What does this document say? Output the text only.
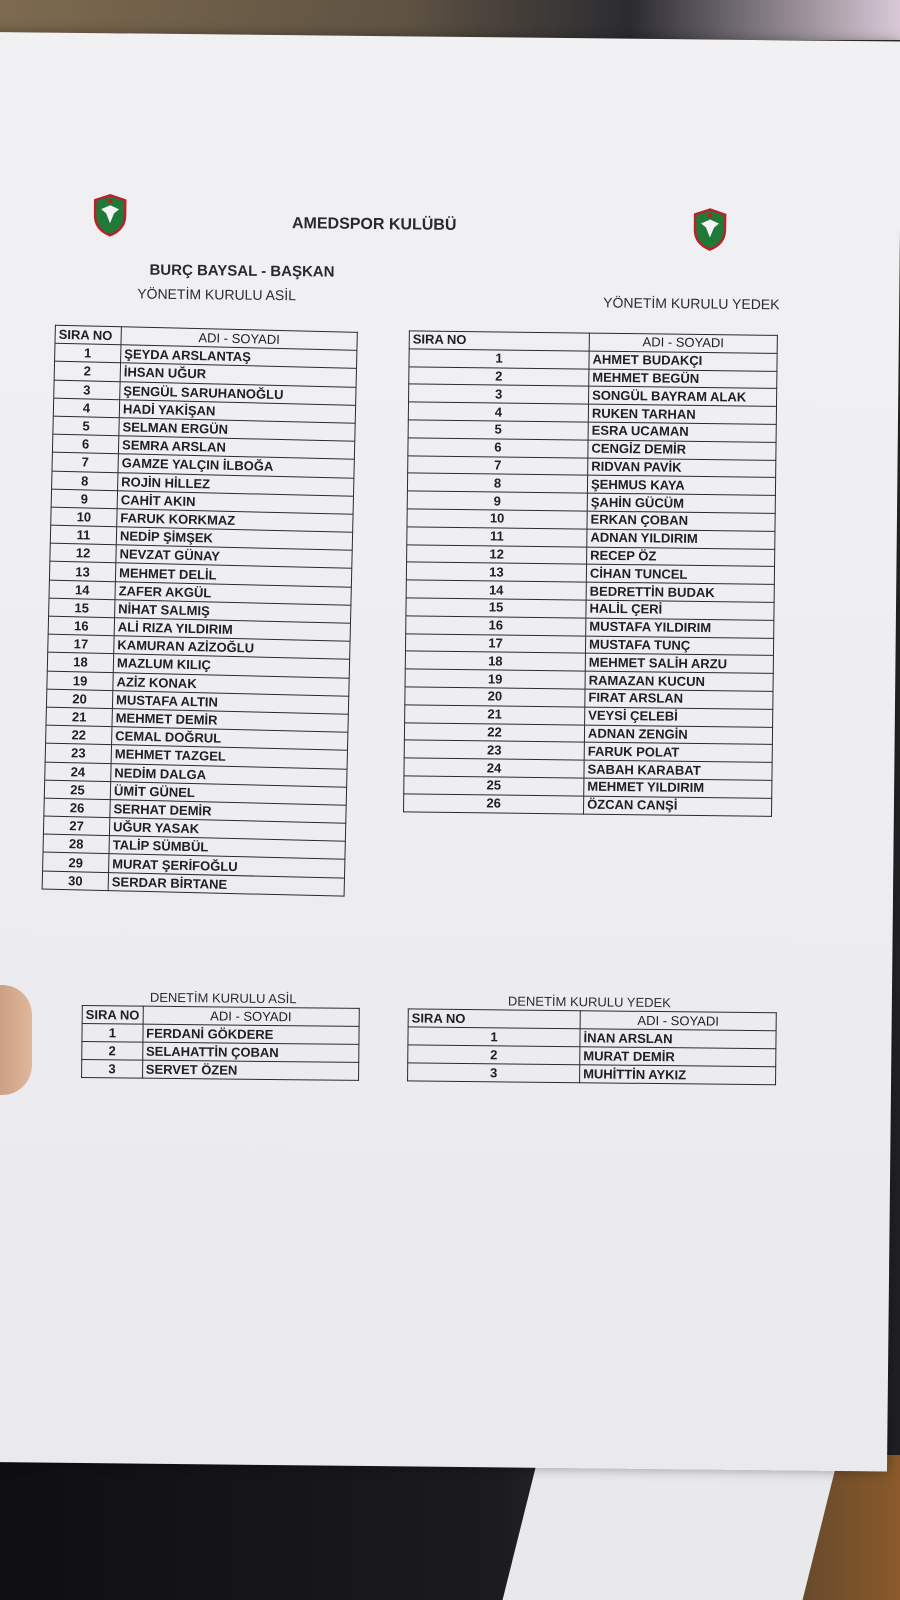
AMEDSPOR KULÜBÜ
BURÇ BAYSAL - BAŞKAN
YÖNETİM KURULU ASİL
YÖNETİM KURULU YEDEK
SIRA NO	ADI - SOYADI
1	ŞEYDA ARSLANTAŞ
2	İHSAN UĞUR
3	ŞENGÜL SARUHANOĞLU
4	HADİ YAKİŞAN
5	SELMAN ERGÜN
6	SEMRA ARSLAN
7	GAMZE YALÇIN İLBOĞA
8	ROJİN HİLLEZ
9	CAHİT AKIN
10	FARUK KORKMAZ
11	NEDİP ŞİMŞEK
12	NEVZAT GÜNAY
13	MEHMET DELİL
14	ZAFER AKGÜL
15	NİHAT SALMIŞ
16	ALİ RIZA YILDIRIM
17	KAMURAN AZİZOĞLU
18	MAZLUM KILIÇ
19	AZİZ KONAK
20	MUSTAFA ALTIN
21	MEHMET DEMİR
22	CEMAL DOĞRUL
23	MEHMET TAZGEL
24	NEDİM DALGA
25	ÜMİT GÜNEL
26	SERHAT DEMİR
27	UĞUR YASAK
28	TALİP SÜMBÜL
29	MURAT ŞERİFOĞLU
30	SERDAR BİRTANE
SIRA NO	ADI - SOYADI
1	AHMET BUDAKÇI
2	MEHMET BEGÜN
3	SONGÜL BAYRAM ALAK
4	RUKEN TARHAN
5	ESRA UCAMAN
6	CENGİZ DEMİR
7	RIDVAN PAVİK
8	ŞEHMUS KAYA
9	ŞAHİN GÜCÜM
10	ERKAN ÇOBAN
11	ADNAN YILDIRIM
12	RECEP ÖZ
13	CİHAN TUNCEL
14	BEDRETTİN BUDAK
15	HALİL ÇERİ
16	MUSTAFA YILDIRIM
17	MUSTAFA TUNÇ
18	MEHMET SALİH ARZU
19	RAMAZAN KUCUN
20	FIRAT ARSLAN
21	VEYSİ ÇELEBİ
22	ADNAN ZENGİN
23	FARUK POLAT
24	SABAH KARABAT
25	MEHMET YILDIRIM
26	ÖZCAN CANŞİ
DENETİM KURULU ASİL	DENETİM KURULU YEDEK
SIRA NO	ADI - SOYADI
1	FERDANİ GÖKDERE
2	SELAHATTİN ÇOBAN
3	SERVET ÖZEN
SIRA NO	ADI - SOYADI
1	İNAN ARSLAN
2	MURAT DEMİR
3	MUHİTTİN AYKIZ
